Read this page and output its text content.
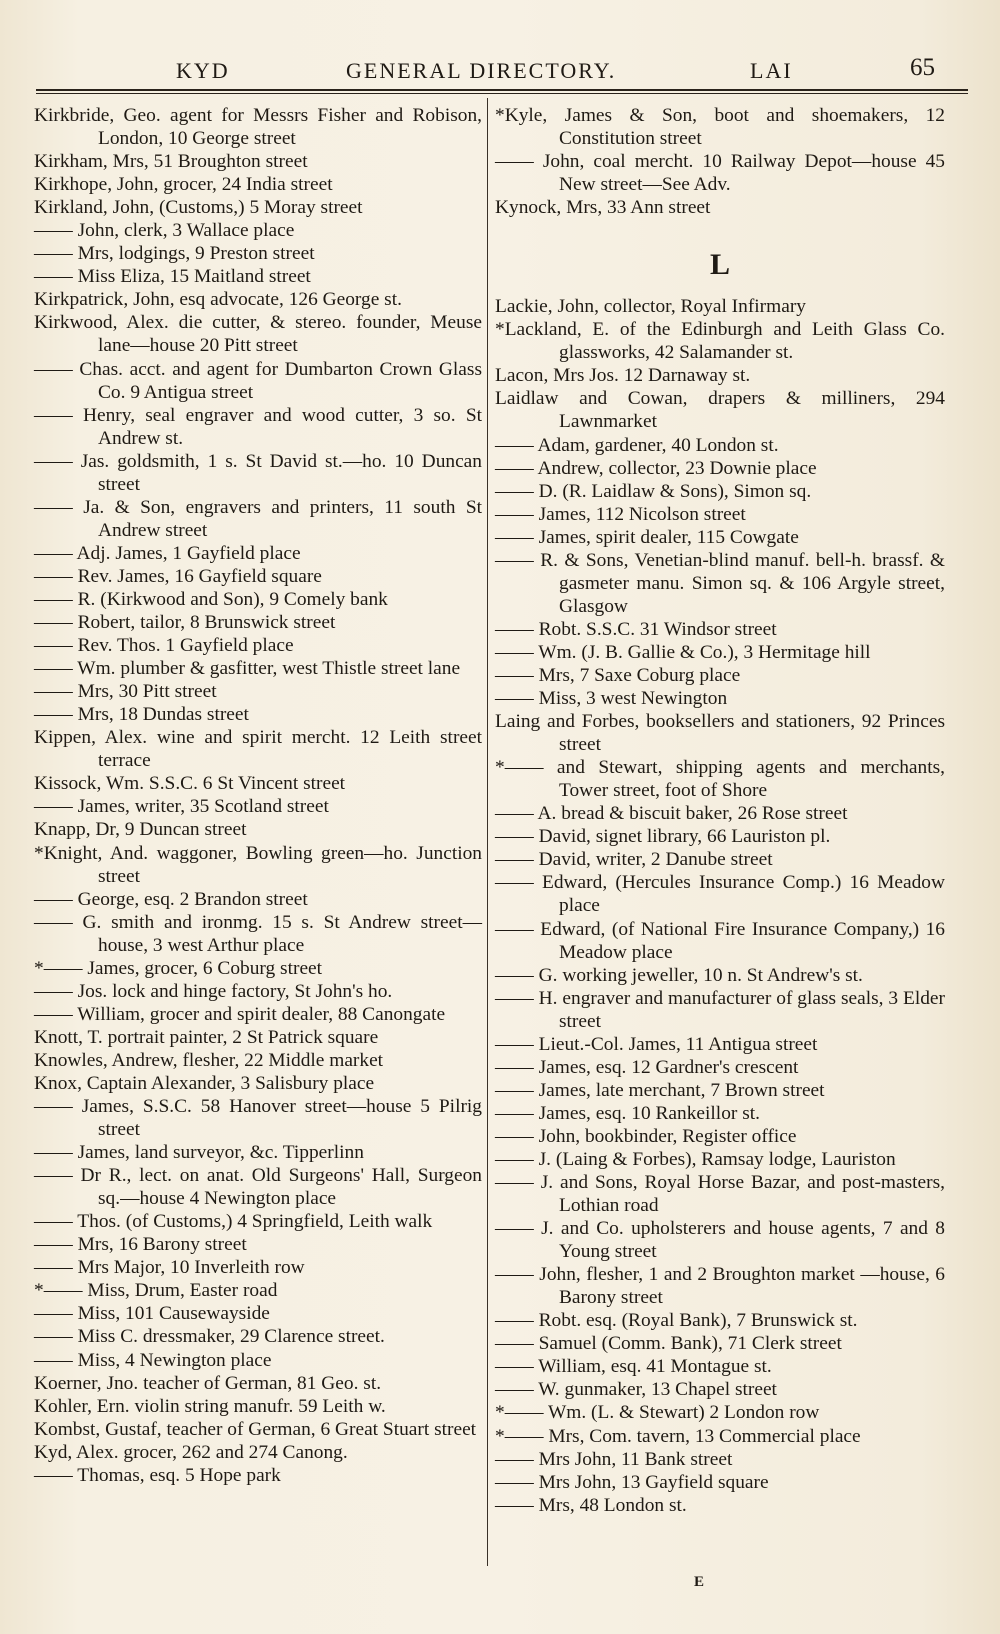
KYD	GENERAL DIRECTORY.	LAI	65

Kirkbride, Geo. agent for Messrs Fisher and Robison, London, 10 George street

Kirkham, Mrs, 51 Broughton street

Kirkhope, John, grocer, 24 India street

Kirkland, John, (Customs,) 5 Moray street

—— John, clerk, 3 Wallace place

—— Mrs, lodgings, 9 Preston street

—— Miss Eliza, 15 Maitland street

Kirkpatrick, John, esq advocate, 126 George st.

Kirkwood, Alex. die cutter, & stereo. founder, Meuse lane—house 20 Pitt street

—— Chas. acct. and agent for Dumbarton Crown Glass Co. 9 Antigua street

—— Henry, seal engraver and wood cutter, 3 so. St Andrew st.

—— Jas. goldsmith, 1 s. St David st.—ho. 10 Duncan street

—— Ja. & Son, engravers and printers, 11 south St Andrew street

—— Adj. James, 1 Gayfield place

—— Rev. James, 16 Gayfield square

—— R. (Kirkwood and Son), 9 Comely bank

—— Robert, tailor, 8 Brunswick street

—— Rev. Thos. 1 Gayfield place

—— Wm. plumber & gasfitter, west Thistle street lane

—— Mrs, 30 Pitt street

—— Mrs, 18 Dundas street

Kippen, Alex. wine and spirit mercht. 12 Leith street terrace

Kissock, Wm. S.S.C. 6 St Vincent street

—— James, writer, 35 Scotland street

Knapp, Dr, 9 Duncan street

*Knight, And. waggoner, Bowling green—ho. Junction street

—— George, esq. 2 Brandon street

—— G. smith and ironmg. 15 s. St Andrew street—house, 3 west Arthur place

*—— James, grocer, 6 Coburg street

—— Jos. lock and hinge factory, St John's ho.

—— William, grocer and spirit dealer, 88 Canongate

Knott, T. portrait painter, 2 St Patrick square

Knowles, Andrew, flesher, 22 Middle market

Knox, Captain Alexander, 3 Salisbury place

—— James, S.S.C. 58 Hanover street—house 5 Pilrig street

—— James, land surveyor, &c. Tipperlinn

—— Dr R., lect. on anat. Old Surgeons' Hall, Surgeon sq.—house 4 Newington place

—— Thos. (of Customs,) 4 Springfield, Leith walk

—— Mrs, 16 Barony street

—— Mrs Major, 10 Inverleith row

*—— Miss, Drum, Easter road

—— Miss, 101 Causewayside

—— Miss C. dressmaker, 29 Clarence street.

—— Miss, 4 Newington place

Koerner, Jno. teacher of German, 81 Geo. st.

Kohler, Ern. violin string manufr. 59 Leith w.

Kombst, Gustaf, teacher of German, 6 Great Stuart street

Kyd, Alex. grocer, 262 and 274 Canong.

—— Thomas, esq. 5 Hope park

*Kyle, James & Son, boot and shoemakers, 12 Constitution street

—— John, coal mercht. 10 Railway Depot—house 45 New street—See Adv.

Kynock, Mrs, 33 Ann street

L

Lackie, John, collector, Royal Infirmary

*Lackland, E. of the Edinburgh and Leith Glass Co. glassworks, 42 Salamander st.

Lacon, Mrs Jos. 12 Darnaway st.

Laidlaw and Cowan, drapers & milliners, 294 Lawnmarket

—— Adam, gardener, 40 London st.

—— Andrew, collector, 23 Downie place

—— D. (R. Laidlaw & Sons), Simon sq.

—— James, 112 Nicolson street

—— James, spirit dealer, 115 Cowgate

—— R. & Sons, Venetian-blind manuf. bell-h. brassf. & gasmeter manu. Simon sq. & 106 Argyle street, Glasgow

—— Robt. S.S.C. 31 Windsor street

—— Wm. (J. B. Gallie & Co.), 3 Hermitage hill

—— Mrs, 7 Saxe Coburg place

—— Miss, 3 west Newington

Laing and Forbes, booksellers and stationers, 92 Princes street

*—— and Stewart, shipping agents and merchants, Tower street, foot of Shore

—— A. bread & biscuit baker, 26 Rose street

—— David, signet library, 66 Lauriston pl.

—— David, writer, 2 Danube street

—— Edward, (Hercules Insurance Comp.) 16 Meadow place

—— Edward, (of National Fire Insurance Company,) 16 Meadow place

—— G. working jeweller, 10 n. St Andrew's st.

—— H. engraver and manufacturer of glass seals, 3 Elder street

—— Lieut.-Col. James, 11 Antigua street

—— James, esq. 12 Gardner's crescent

—— James, late merchant, 7 Brown street

—— James, esq. 10 Rankeillor st.

—— John, bookbinder, Register office

—— J. (Laing & Forbes), Ramsay lodge, Lauriston

—— J. and Sons, Royal Horse Bazar, and post-masters, Lothian road

—— J. and Co. upholsterers and house agents, 7 and 8 Young street

—— John, flesher, 1 and 2 Broughton market —house, 6 Barony street

—— Robt. esq. (Royal Bank), 7 Brunswick st.

—— Samuel (Comm. Bank), 71 Clerk street

—— William, esq. 41 Montague st.

—— W. gunmaker, 13 Chapel street

*—— Wm. (L. & Stewart) 2 London row

*—— Mrs, Com. tavern, 13 Commercial place

—— Mrs John, 11 Bank street

—— Mrs John, 13 Gayfield square

—— Mrs, 48 London st.

E
